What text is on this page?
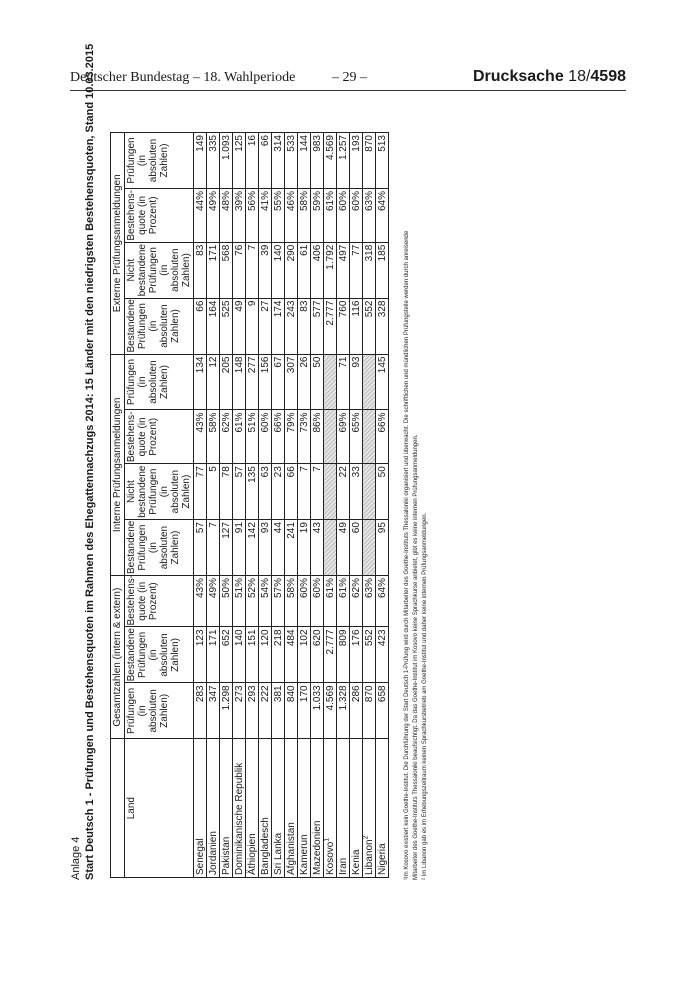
Deutscher Bundestag – 18. Wahlperiode	– 29 –	Drucksache 18/4598
Anlage 4 Start Deutsch 1 - Prüfungen und Bestehensquoten im Rahmen des Ehegattennachzugs 2014: 15 Länder mit den niedrigsten Bestehensquoten, Stand 10.03.2015
	Gesamtzahlen (intern & extern)			Interne Prüfungsanmeldungen				Externe Prüfungsanmeldungen			
Land	Prüfungen (in absoluten Zahlen)	Bestandene Prüfungen (in absoluten Zahlen)	Bestehens- quote (in Prozent)	Bestandene Prüfungen (in absoluten Zahlen)	Nicht bestandene Prüfungen (in absoluten Zahlen)	Bestehens- quote (in Prozent)	Prüfungen (in absoluten Zahlen)	Bestandene Prüfungen (in absoluten Zahlen)	Nicht bestandene Prüfungen (in absoluten Zahlen)	Bestehens- quote (in Prozent)	Prüfungen (in absoluten Zahlen)
Senegal	283	123	43%	57	77	43%	134	66	83	44%	149
Jordanien	347	171	49%	7	5	58%	12	164	171	49%	335
Pakistan	1.298	652	50%	127	78	62%	205	525	568	48%	1.093
Dominikanische Republik	273	140	51%	91	57	61%	148	49	76	39%	125
Äthiopien	293	151	52%	142	135	51%	277	9	7	56%	16
Bangladesch	222	120	54%	93	63	60%	156	27	39	41%	66
Sri Lanka	381	218	57%	44	23	66%	67	174	140	55%	314
Afghanistan	840	484	58%	241	66	79%	307	243	290	46%	533
Kamerun	170	102	60%	19	7	73%	26	83	61	58%	144
Mazedonien	1.033	620	60%	43	7	86%	50	577	406	59%	983
Kosovo$^1$	4.569	2.777	61%					2.777	1.792	61%	4.569
Iran	1.328	809	61%	49	22	69%	71	760	497	60%	1.257
Kenia	286	176	62%	60	33	65%	93	116	77	60%	193
Libanon$^2$	870	552	63%					552	318	63%	870
Nigeria	658	423	64%	95	50	66%	145	328	185	64%	513
¹Im Kosovo existiert kein Goethe-Institut. Die Durchführung der Start Deutsch 1-Prüfung wird durch Mitarbeiter des Goethe-Instituts Thessaloniki organisiert und überwacht. Die schriftlichen und mündlichen Prüfungsteile werden durch anreisende Mitarbeiter des Goethe-Instituts Thessaloniki beaufsichtigt. Da das Goethe-Institut im Kosovo keine Sprachkurse anbietet, gibt es keine internen Prüfungsanmeldungen. ² Im Libanon gab es im Erhebungszeitraum keinen Sprachkursbetrieb am Goethe-Institut und daher keine internen Prüfungsanmeldungen.
